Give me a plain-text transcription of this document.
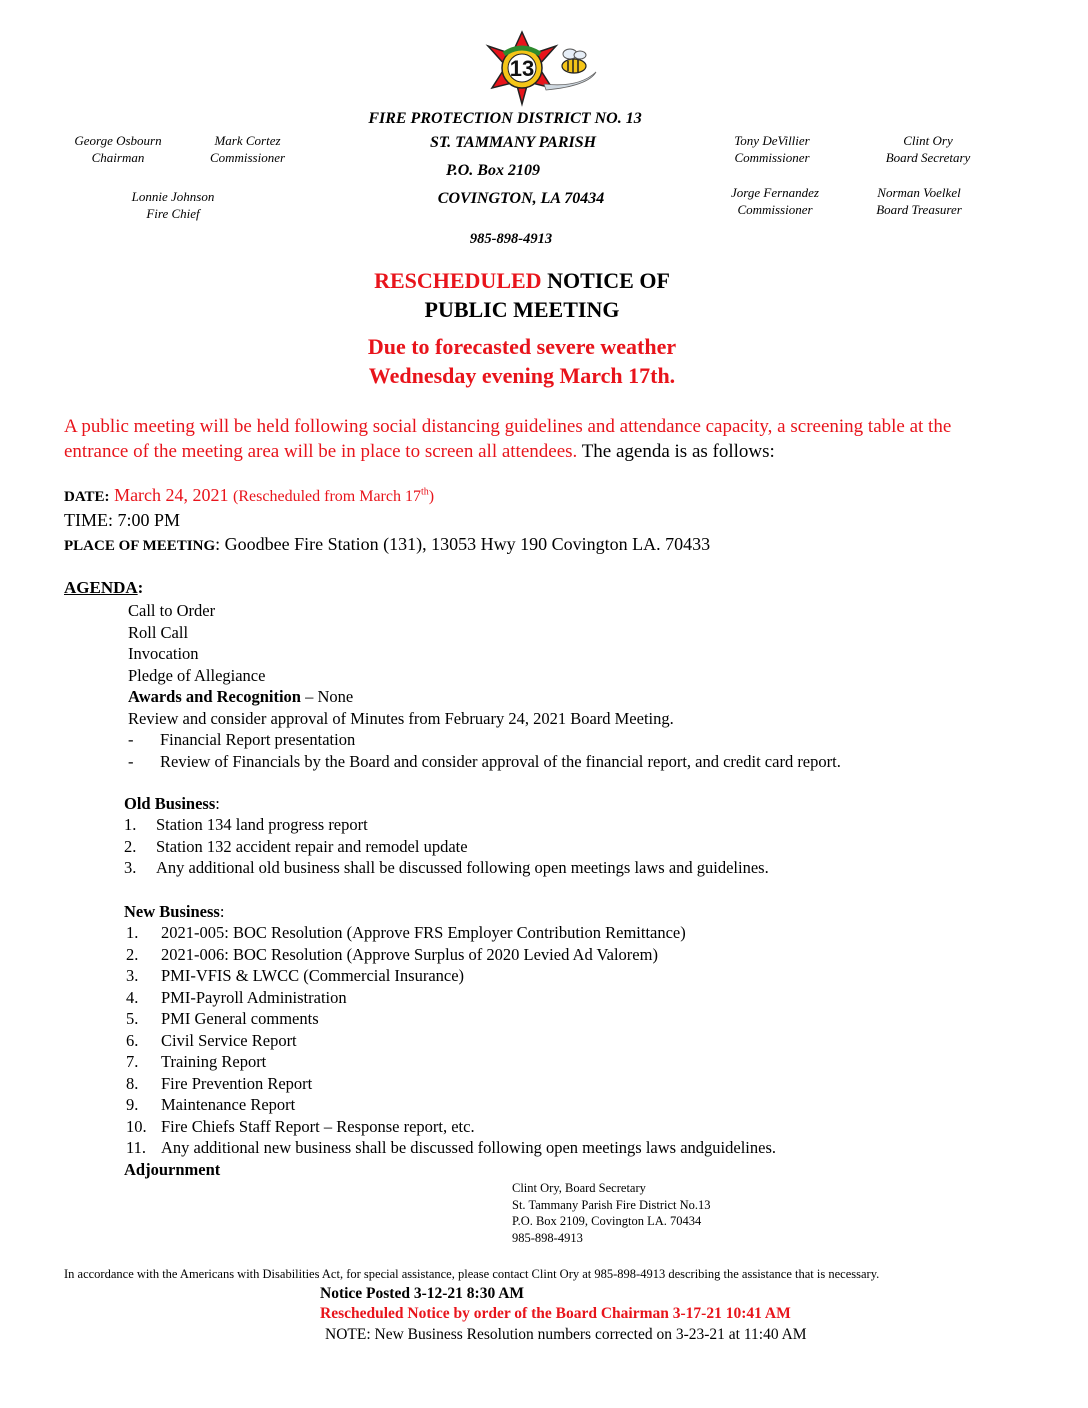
13
George Osbourn
Chairman
Mark Cortez
Commissioner
Lonnie Johnson
Fire Chief
FIRE PROTECTION DISTRICT NO. 13
ST. TAMMANY PARISH
P.O. Box 2109
COVINGTON, LA 70434
985-898-4913
Tony DeVillier
Commissioner
Clint Ory
Board Secretary
Jorge Fernandez
Commissioner
Norman Voelkel
Board Treasurer
RESCHEDULED NOTICE OF
PUBLIC MEETING
Due to forecasted severe weather
Wednesday evening March 17th.
A public meeting will be held following social distancing guidelines and attendance capacity, a screening table at the entrance of the meeting area will be in place to screen all attendees. The agenda is as follows:
DATE: March 24, 2021 (Rescheduled from March 17th)
TIME: 7:00 PM
PLACE OF MEETING: Goodbee Fire Station (131), 13053 Hwy 190 Covington LA. 70433
AGENDA:
Call to Order
Roll Call
Invocation
Pledge of Allegiance
Awards and Recognition – None
Review and consider approval of Minutes from February 24, 2021 Board Meeting.
- Financial Report presentation
- Review of Financials by the Board and consider approval of the financial report, and credit card report.
Old Business:
1. Station 134 land progress report
2. Station 132 accident repair and remodel update
3. Any additional old business shall be discussed following open meetings laws and guidelines.
New Business:
1. 2021-005: BOC Resolution (Approve FRS Employer Contribution Remittance)
2. 2021-006: BOC Resolution (Approve Surplus of 2020 Levied Ad Valorem)
3. PMI-VFIS & LWCC (Commercial Insurance)
4. PMI-Payroll Administration
5. PMI General comments
6. Civil Service Report
7. Training Report
8. Fire Prevention Report
9. Maintenance Report
10. Fire Chiefs Staff Report – Response report, etc.
11. Any additional new business shall be discussed following open meetings laws andguidelines.
Adjournment
Clint Ory, Board Secretary
St. Tammany Parish Fire District No.13
P.O. Box 2109, Covington LA. 70434
985-898-4913
In accordance with the Americans with Disabilities Act, for special assistance, please contact Clint Ory at 985-898-4913 describing the assistance that is necessary.
Notice Posted 3-12-21 8:30 AM
Rescheduled Notice by order of the Board Chairman 3-17-21 10:41 AM
NOTE: New Business Resolution numbers corrected on 3-23-21 at 11:40 AM
